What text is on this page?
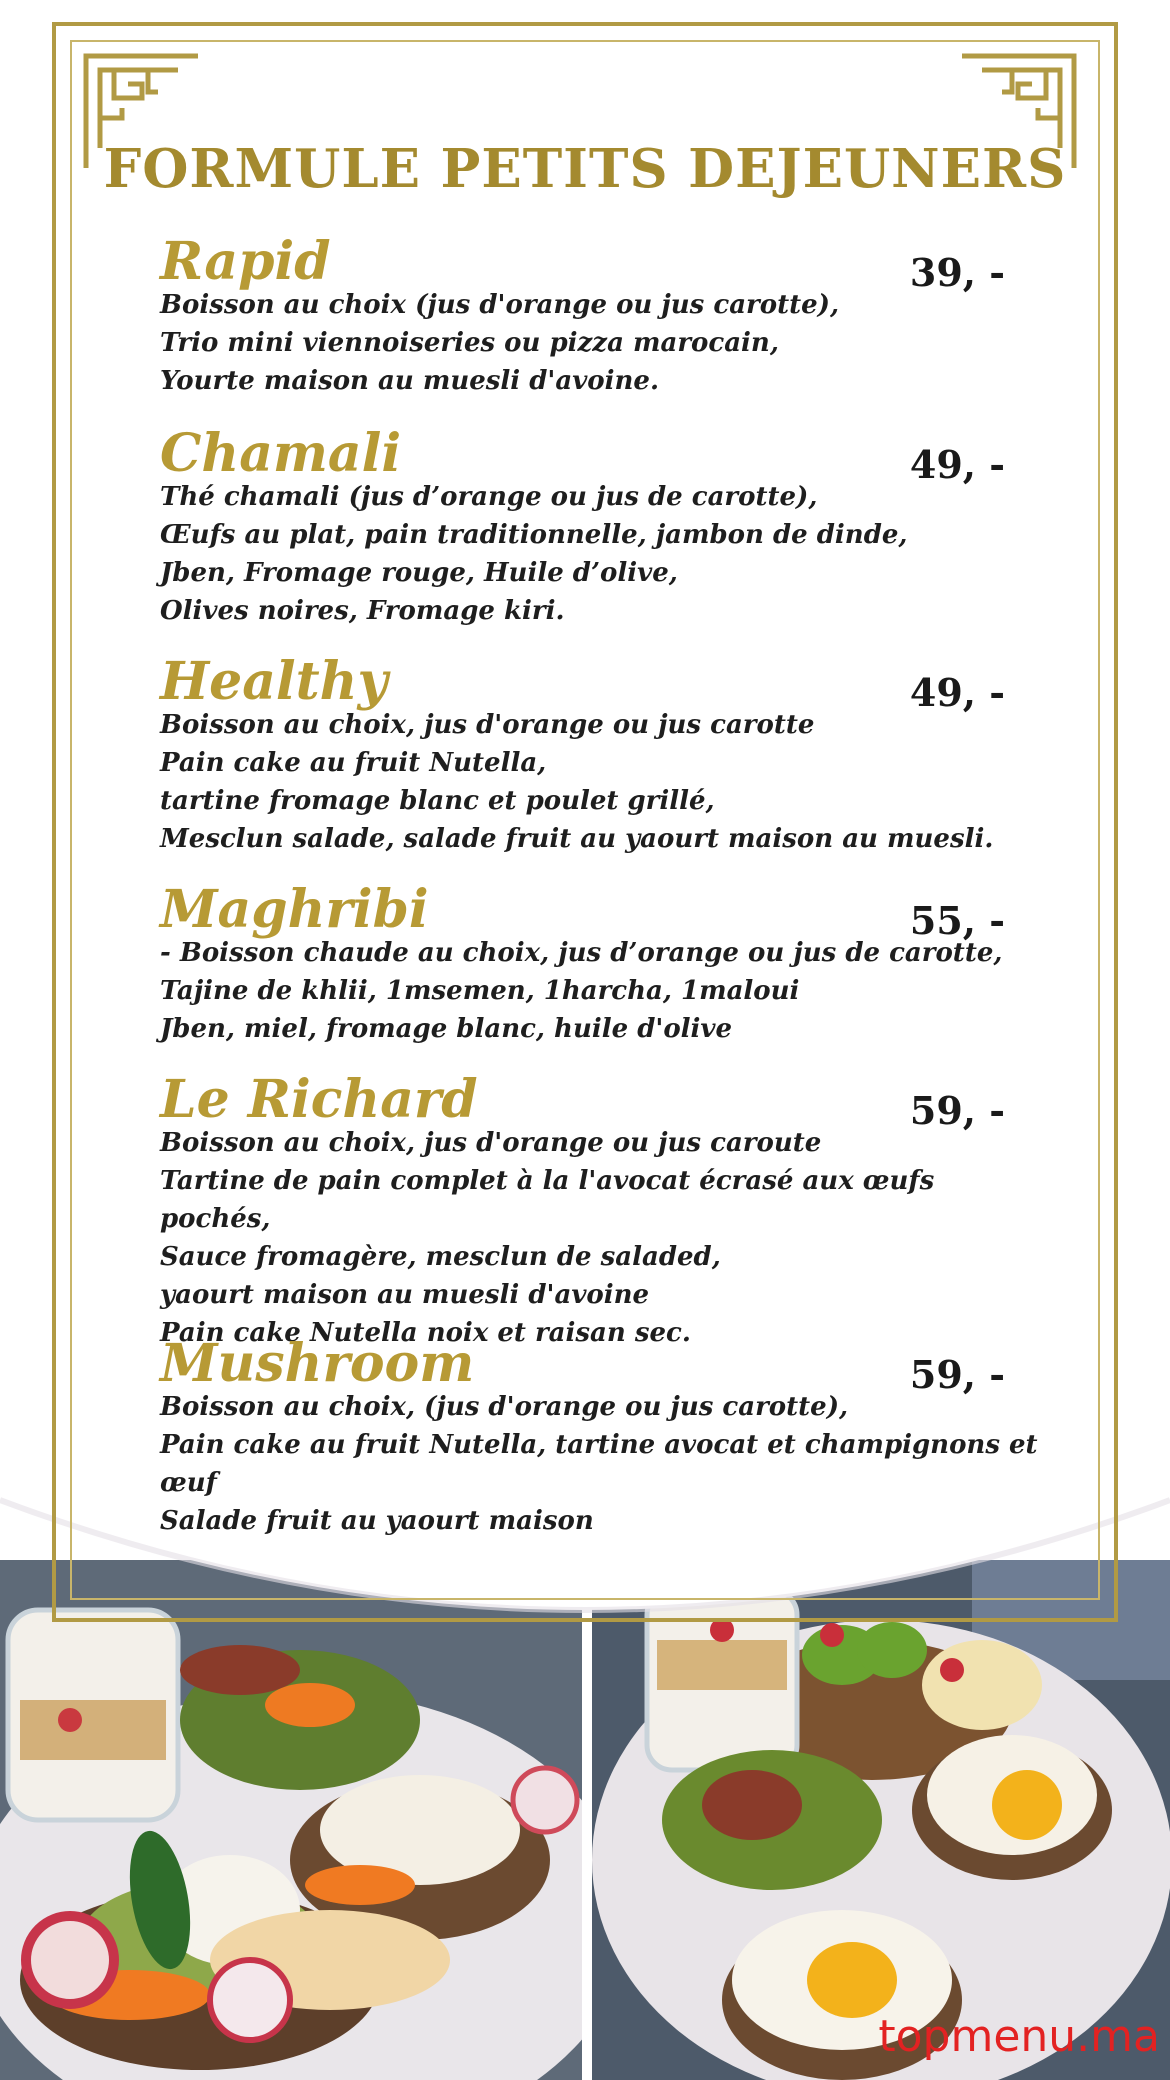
topmenu.ma
FORMULE PETITS DEJEUNERS
Rapid	39, -
Boisson au choix (jus d'orange ou jus carotte),
Trio mini viennoiseries ou pizza marocain,
Yourte maison au muesli d'avoine.
Chamali	49, -
Thé chamali (jus d’orange ou jus de carotte),
Œufs au plat, pain traditionnelle, jambon de dinde,
Jben, Fromage rouge, Huile d’olive,
Olives noires, Fromage kiri.
Healthy	49, -
Boisson au choix, jus d'orange ou jus carotte
Pain cake au fruit Nutella,
tartine fromage blanc et poulet grillé,
Mesclun salade, salade fruit au yaourt maison au muesli.
Maghribi	55, -
- Boisson chaude au choix, jus d’orange ou jus de carotte,
Tajine de khlii, 1msemen, 1harcha, 1maloui
Jben, miel, fromage blanc, huile d'olive
Le Richard	59, -
Boisson au choix, jus d'orange ou jus caroute
Tartine de pain complet à la l'avocat écrasé aux œufs pochés,
Sauce fromagère, mesclun de saladed,
yaourt maison au muesli d'avoine
Pain cake Nutella noix et raisan sec.
Mushroom	59, -
Boisson au choix, (jus d'orange ou jus carotte),
Pain cake au fruit Nutella, tartine avocat et champignons et œuf
Salade fruit au yaourt maison
